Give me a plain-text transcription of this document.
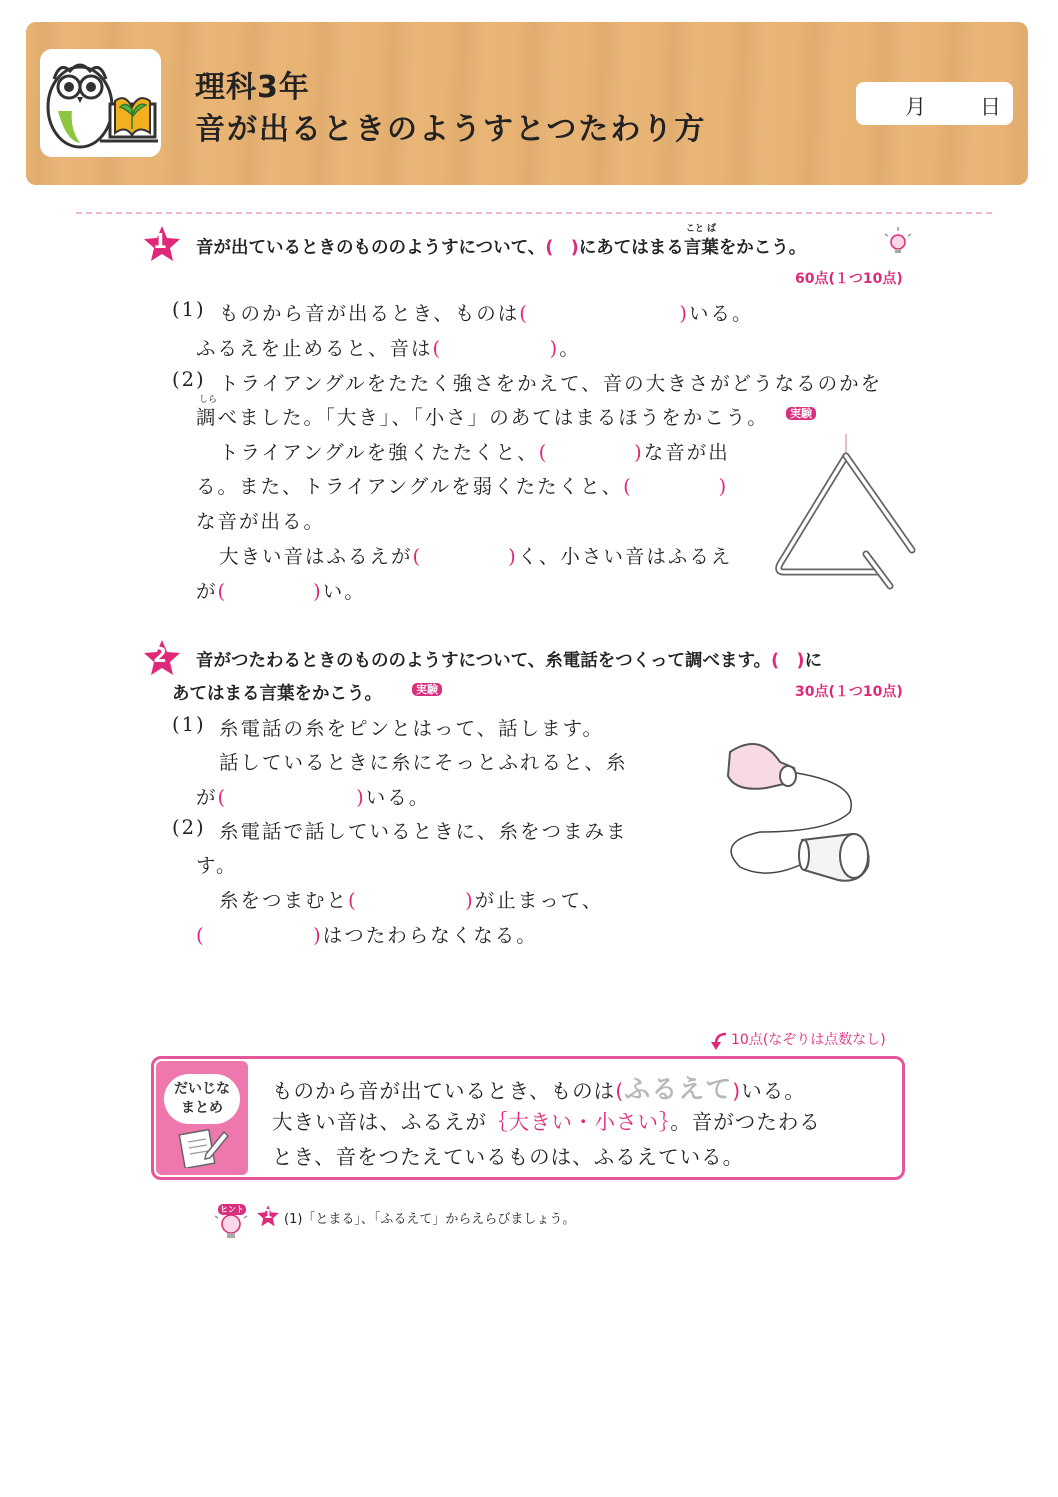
理科3年
音が出るときのようすとつたわり方
月	日
1 音が出ているときのもののようすについて、(　)にあてはまる
こと ば
言葉をかこう。
60点(１つ10点)
(1) ものから音が出るとき、ものは(　　　　　　　)いる。
ふるえを止めると、音は(　　　　　)。
(2) トライアングルをたたく強さをかえて、音の大きさがどうなるのかを
しら
調べました。「大き」、「小さ」のあてはまるほうをかこう。	実験
トライアングルを強くたたくと、(　　　　)な音が出
る。また、トライアングルを弱くたたくと、(　　　　)
な音が出る。
大きい音はふるえが(　　　　)く、小さい音はふるえ
が(　　　　)い。
2 音がつたわるときのもののようすについて、糸電話をつくって調べます。(　)に
あてはまる言葉をかこう。	実験	30点(１つ10点)
(1) 糸電話の糸をピンとはって、話します。
話しているときに糸にそっとふれると、糸
が(　　　　　　)いる。
(2) 糸電話で話しているときに、糸をつまみま
す。
糸をつまむと(　　　　　)が止まって、
(　　　　　)はつたわらなくなる。
10点(なぞりは点数なし)
だいじな
まとめ
ものから音が出ているとき、ものは(ふるえて)いる。
大きい音は、ふるえが｛大きい・小さい｝。音がつたわる
とき、音をつたえているものは、ふるえている。
ヒント 1 (1)「とまる」、「ふるえて」からえらびましょう。
